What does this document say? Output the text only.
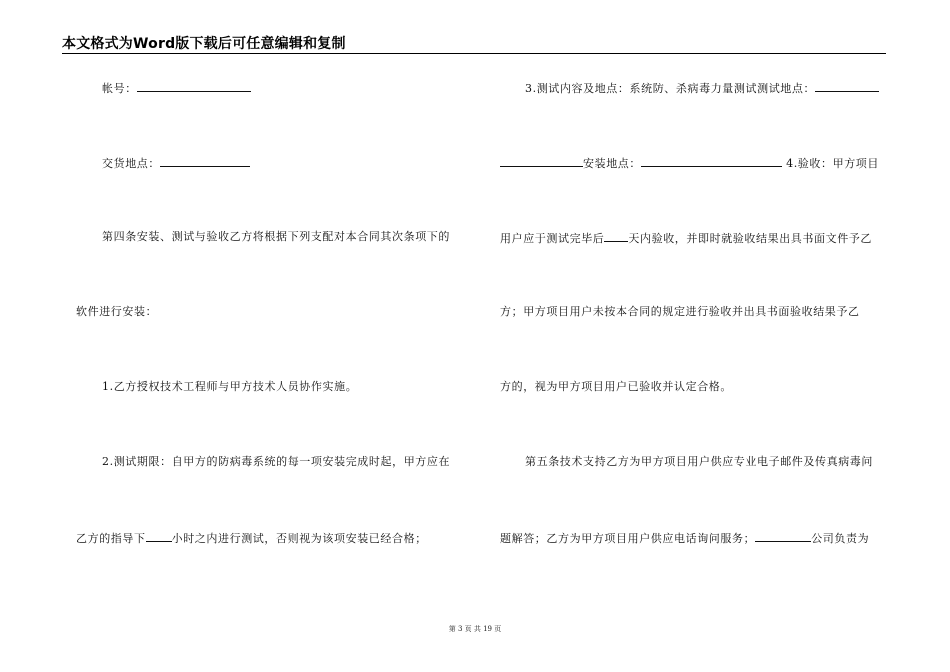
本文格式为Word版下载后可任意编辑和复制
帐号：
交货地点：
第四条安装、测试与验收乙方将根据下列支配对本合同其次条项下的
软件进行安装：
1.乙方授权技术工程师与甲方技术人员协作实施。
2.测试期限：自甲方的防病毒系统的每一项安装完成时起，甲方应在
乙方的指导下 小时之内进行测试，否则视为该项安装已经合格；
3.测试内容及地点：系统防、杀病毒力量测试测试地点：
安装地点：	4.验收：甲方项目
用户应于测试完毕后 天内验收，并即时就验收结果出具书面文件予乙
方；甲方项目用户未按本合同的规定进行验收并出具书面验收结果予乙
方的，视为甲方项目用户已验收并认定合格。
第五条技术支持乙方为甲方项目用户供应专业电子邮件及传真病毒问
题解答；乙方为甲方项目用户供应电话询问服务；	公司负责为
第 3 页 共 19 页
